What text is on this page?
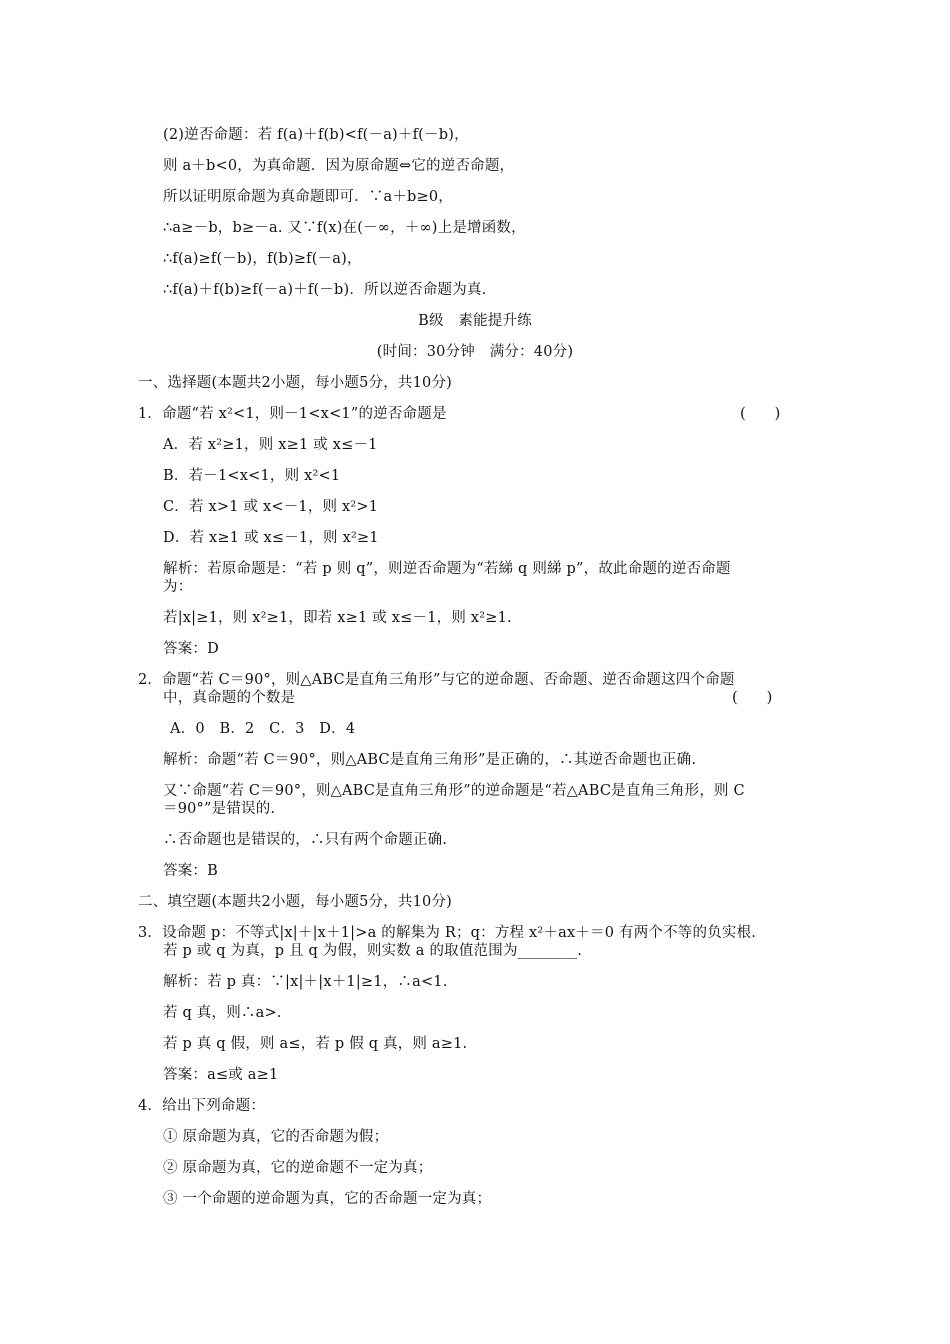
(2)逆否命题：若 f(a)＋f(b)<f(－a)＋f(－b)，
则 a＋b<0，为真命题．因为原命题⇔它的逆否命题，
所以证明原命题为真命题即可．∵a＋b≥0，
∴a≥－b，b≥－a. 又∵f(x)在(－∞，＋∞)上是增函数，
∴f(a)≥f(－b)，f(b)≥f(－a)，
∴f(a)＋f(b)≥f(－a)＋f(－b)．所以逆否命题为真.
B级　素能提升练
(时间：30分钟　满分：40分)
一、选择题(本题共2小题，每小题5分，共10分)
1．命题“若 x²<1，则－1<x<1”的逆否命题是	(　　)
A．若 x²≥1，则 x≥1 或 x≤－1
B．若－1<x<1，则 x²<1
C．若 x>1 或 x<－1，则 x²>1
D．若 x≥1 或 x≤－1，则 x²≥1
解析：若原命题是：“若 p 则 q”，则逆否命题为“若綈 q 则綈 p”，故此命题的逆否命题
为：
若|x|≥1，则 x²≥1，即若 x≥1 或 x≤－1，则 x²≥1.
答案：D
2．命题“若 C＝90°，则△ABC是直角三角形”与它的逆命题、否命题、逆否命题这四个命题
中，真命题的个数是	(　　)
A．0　B．2　C．3　D．4
解析：命题“若 C＝90°，则△ABC是直角三角形”是正确的，∴其逆否命题也正确.
又∵命题“若 C＝90°，则△ABC是直角三角形”的逆命题是“若△ABC是直角三角形，则 C
＝90°”是错误的.
∴否命题也是错误的，∴只有两个命题正确.
答案：B
二、填空题(本题共2小题，每小题5分，共10分)
3．设命题 p：不等式|x|＋|x＋1|>a 的解集为 R；q：方程 x²＋ax＋＝0 有两个不等的负实根.
若 p 或 q 为真，p 且 q 为假，则实数 a 的取值范围为________.
解析：若 p 真：∵|x|＋|x＋1|≥1，∴a<1.
若 q 真，则∴a>.
若 p 真 q 假，则 a≤，若 p 假 q 真，则 a≥1.
答案：a≤或 a≥1
4．给出下列命题：
① 原命题为真，它的否命题为假；
② 原命题为真，它的逆命题不一定为真；
③ 一个命题的逆命题为真，它的否命题一定为真；
